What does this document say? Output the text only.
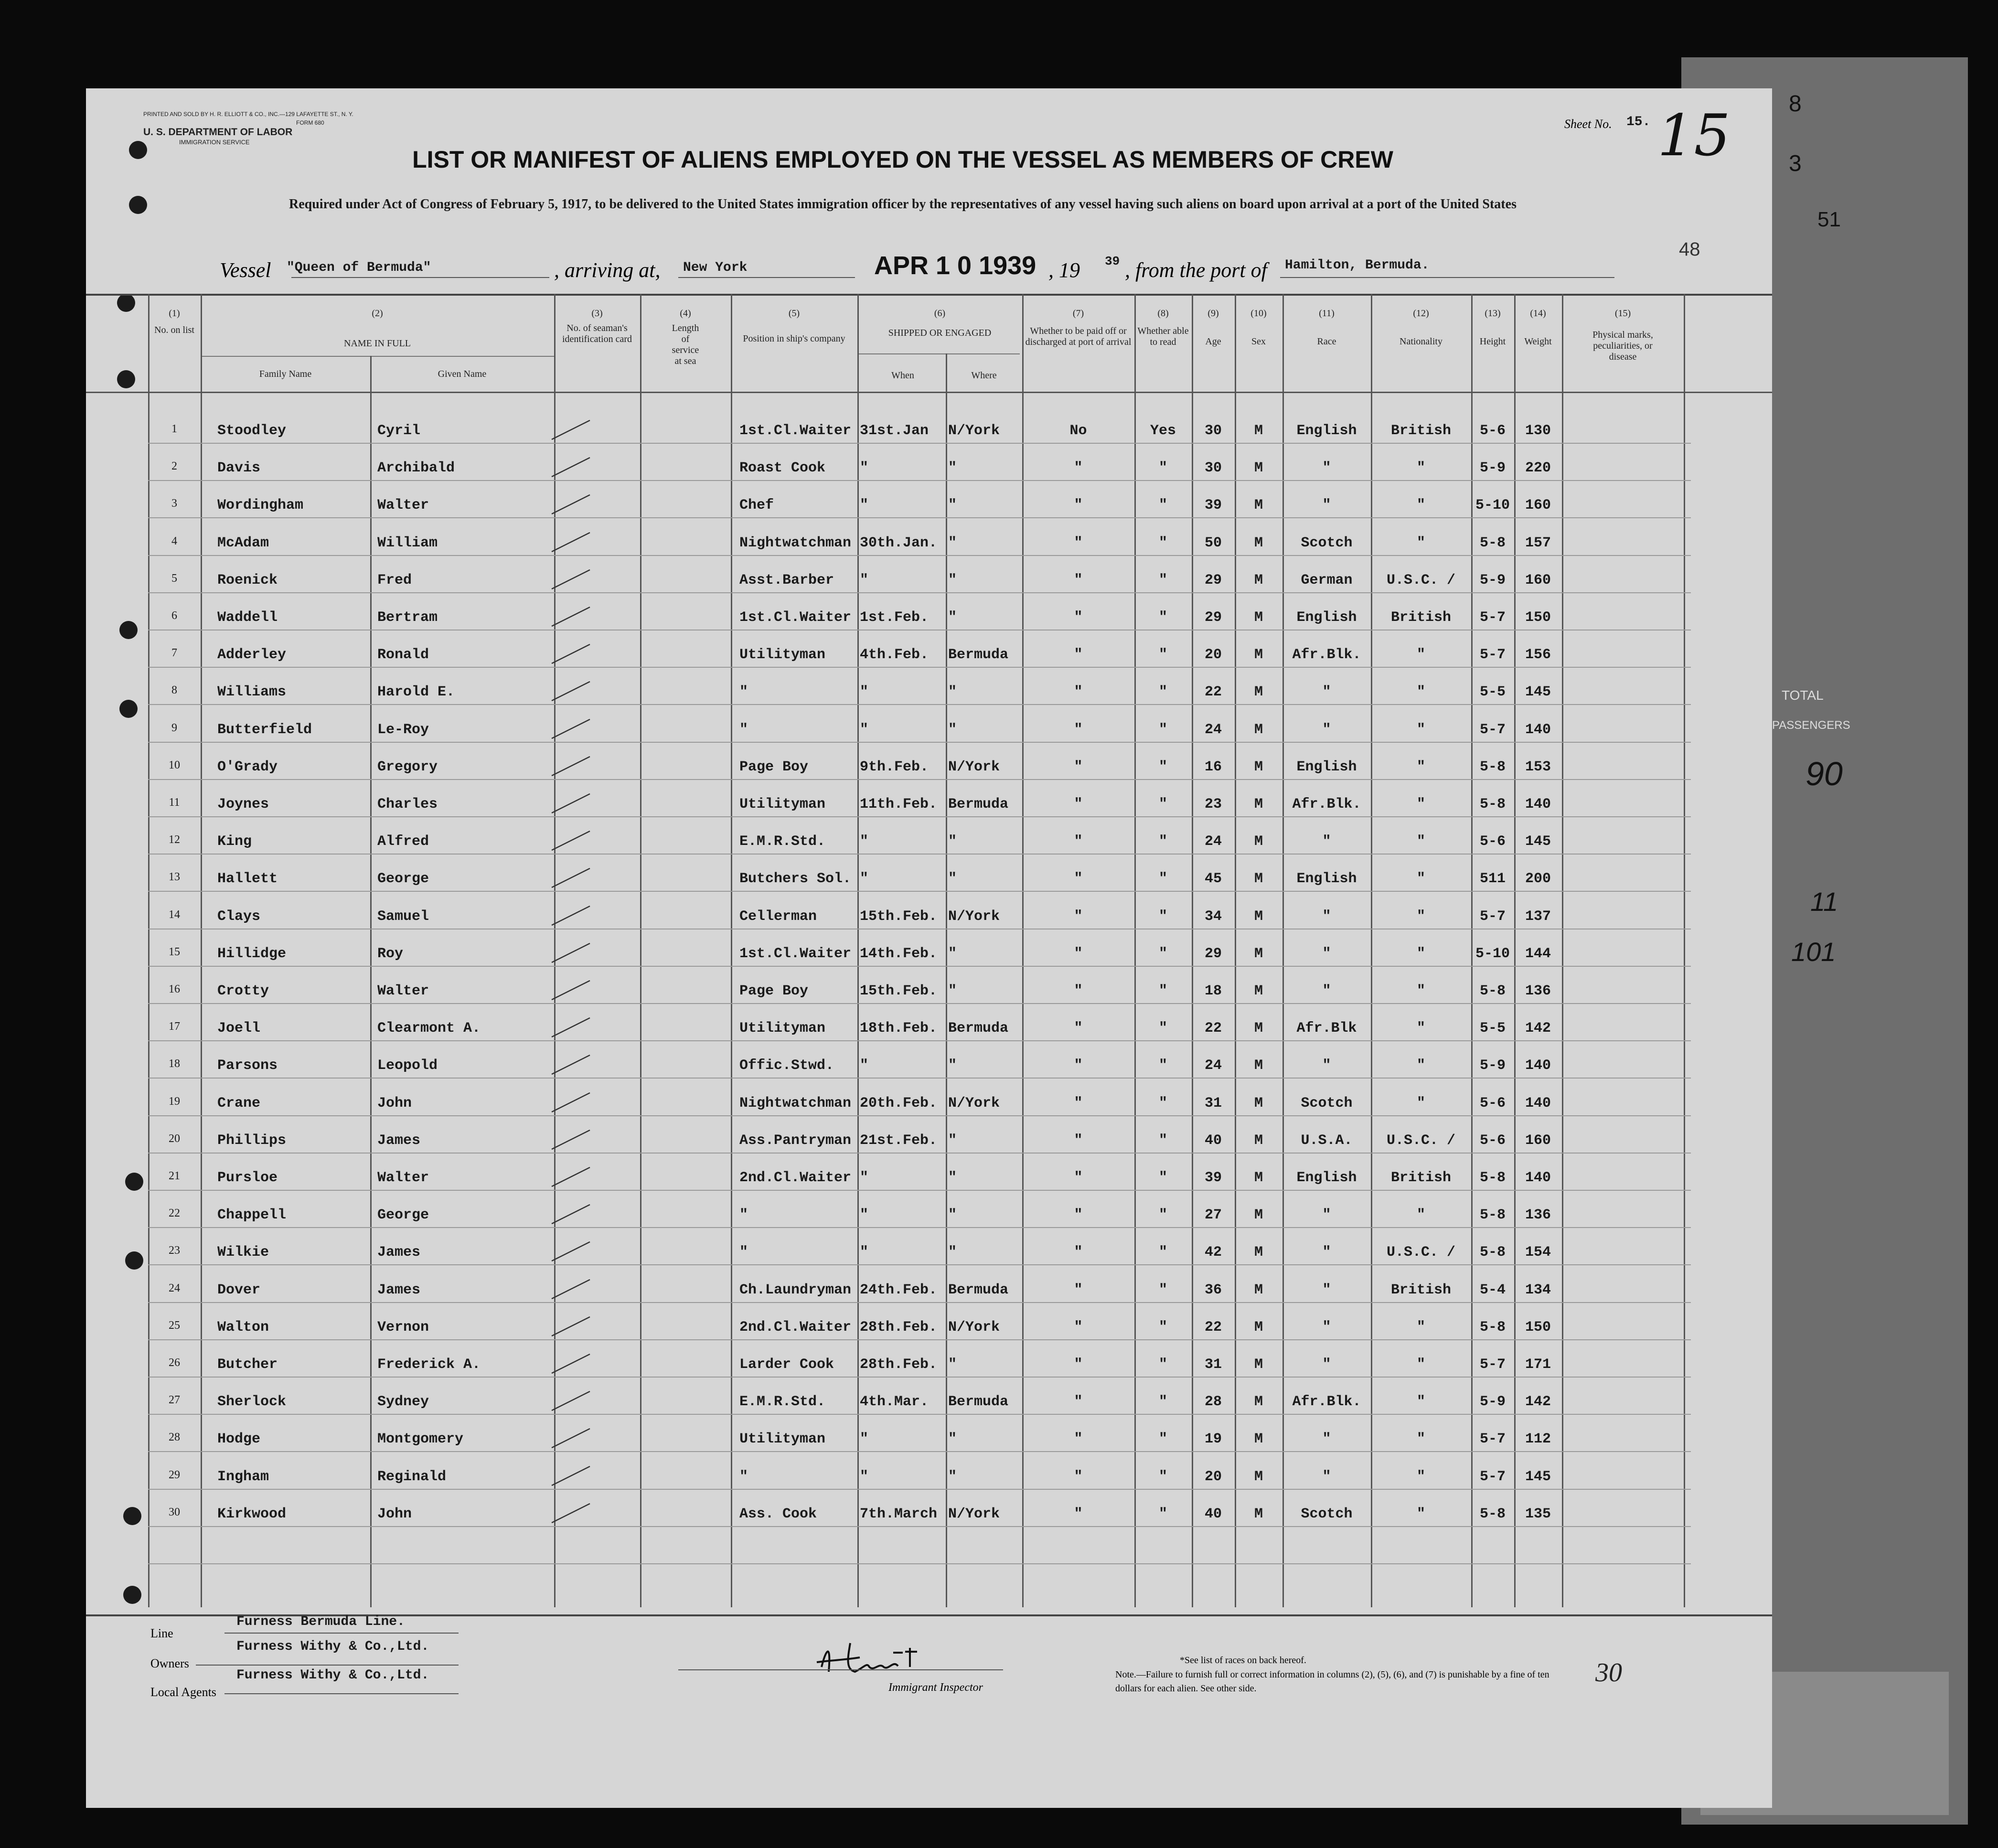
PRINTED AND SOLD BY H. R. ELLIOTT & CO., INC.—129 LAFAYETTE ST., N. Y.
FORM 680
U. S. DEPARTMENT OF LABOR
IMMIGRATION SERVICE
Sheet No. 15. 15
LIST OR MANIFEST OF ALIENS EMPLOYED ON THE VESSEL AS MEMBERS OF CREW
Required under Act of Congress of February 5, 1917, to be delivered to the United States immigration officer by the representatives of any vessel having such aliens on board upon arrival at a port of the United States
Vessel "Queen of Bermuda"	, arriving at, New York	APR 1 0 1939 , 19 39 , from the port of Hamilton, Bermuda.
(1)
No. on list
(2)
NAME IN FULL
Family Name	Given Name
(3)
No. of seaman's identification card
(4)
Length of service at sea
(5)
Position in ship's company
(6)
SHIPPED OR ENGAGED
When	Where
(7)
Whether to be paid off or discharged at port of arrival
(8)
Whether able to read
(9)
Age
(10)
Sex
(11)
Race
(12)
Nationality
(13)
Height
(14)
Weight
(15)
Physical marks, peculiarities, or disease
1	Stoodley	Cyril	1st.Cl.Waiter 31st.Jan	N/York	No	Yes	30	M	English	British	5-6	130
2	Davis	Archibald	Roast Cook	"	"	"	"	30	M	"	"	5-9	220
3	Wordingham	Walter	Chef	"	"	"	"	39	M	"	"	5-10	160
4	McAdam	William	Nightwatchman 30th.Jan. "	"	"	50	M	Scotch	"	5-8	157
5	Roenick	Fred	Asst.Barber	"	"	"	"	29	M	German	U.S.C. /	5-9	160
6	Waddell	Bertram	1st.Cl.Waiter 1st.Feb.	"	"	"	29	M	English	British	5-7	150
7	Adderley	Ronald	Utilityman	4th.Feb.	Bermuda	"	"	20	M	Afr.Blk.	"	5-7	156
8	Williams	Harold E.	"	"	"	"	"	22	M	"	"	5-5	145
9	Butterfield	Le-Roy	"	"	"	"	"	24	M	"	"	5-7	140
10	O'Grady	Gregory	Page Boy	9th.Feb.	N/York	"	"	16	M	English	"	5-8	153
11	Joynes	Charles	Utilityman	11th.Feb. Bermuda	"	"	23	M	Afr.Blk.	"	5-8	140
12	King	Alfred	E.M.R.Std.	"	"	"	"	24	M	"	"	5-6	145
13	Hallett	George	Butchers Sol. "	"	"	"	45	M	English	"	511	200
14	Clays	Samuel	Cellerman	15th.Feb. N/York	"	"	34	M	"	"	5-7	137
15	Hillidge	Roy	1st.Cl.Waiter 14th.Feb. "	"	"	29	M	"	"	5-10	144
16	Crotty	Walter	Page Boy	15th.Feb. "	"	"	18	M	"	"	5-8	136
17	Joell	Clearmont A.	Utilityman	18th.Feb. Bermuda	"	"	22	M	Afr.Blk	"	5-5	142
18	Parsons	Leopold	Offic.Stwd.	"	"	"	"	24	M	"	"	5-9	140
19	Crane	John	Nightwatchman 20th.Feb. N/York	"	"	31	M	Scotch	"	5-6	140
20	Phillips	James	Ass.Pantryman 21st.Feb. "	"	"	40	M	U.S.A.	U.S.C. /	5-6	160
21	Pursloe	Walter	2nd.Cl.Waiter "	"	"	"	39	M	English	British	5-8	140
22	Chappell	George	"	"	"	"	"	27	M	"	"	5-8	136
23	Wilkie	James	"	"	"	"	"	42	M	"	U.S.C. /	5-8	154
24	Dover	James	Ch.Laundryman 24th.Feb. Bermuda	"	"	36	M	"	British	5-4	134
25	Walton	Vernon	2nd.Cl.Waiter 28th.Feb. N/York	"	"	22	M	"	"	5-8	150
26	Butcher	Frederick A.	Larder Cook	28th.Feb. "	"	"	31	M	"	"	5-7	171
27	Sherlock	Sydney	E.M.R.Std.	4th.Mar.	Bermuda	"	"	28	M	Afr.Blk.	"	5-9	142
28	Hodge	Montgomery	Utilityman	"	"	"	"	19	M	"	"	5-7	112
29	Ingham	Reginald	"	"	"	"	"	20	M	"	"	5-7	145
30	Kirkwood	John	Ass. Cook	7th.March N/York	"	"	40	M	Scotch	"	5-8	135
Line
Furness Bermuda Line.
Owners
Furness Withy & Co.,Ltd.
Local Agents
Furness Withy & Co.,Ltd.
Immigrant Inspector
*See list of races on back hereof.
Note.—Failure to furnish full or correct information in columns (2), (5), (6), and (7) is punishable by a fine of ten dollars for each alien. See other side.
30
8
3
51
48
TOTAL
PASSENGERS
90
11
101
